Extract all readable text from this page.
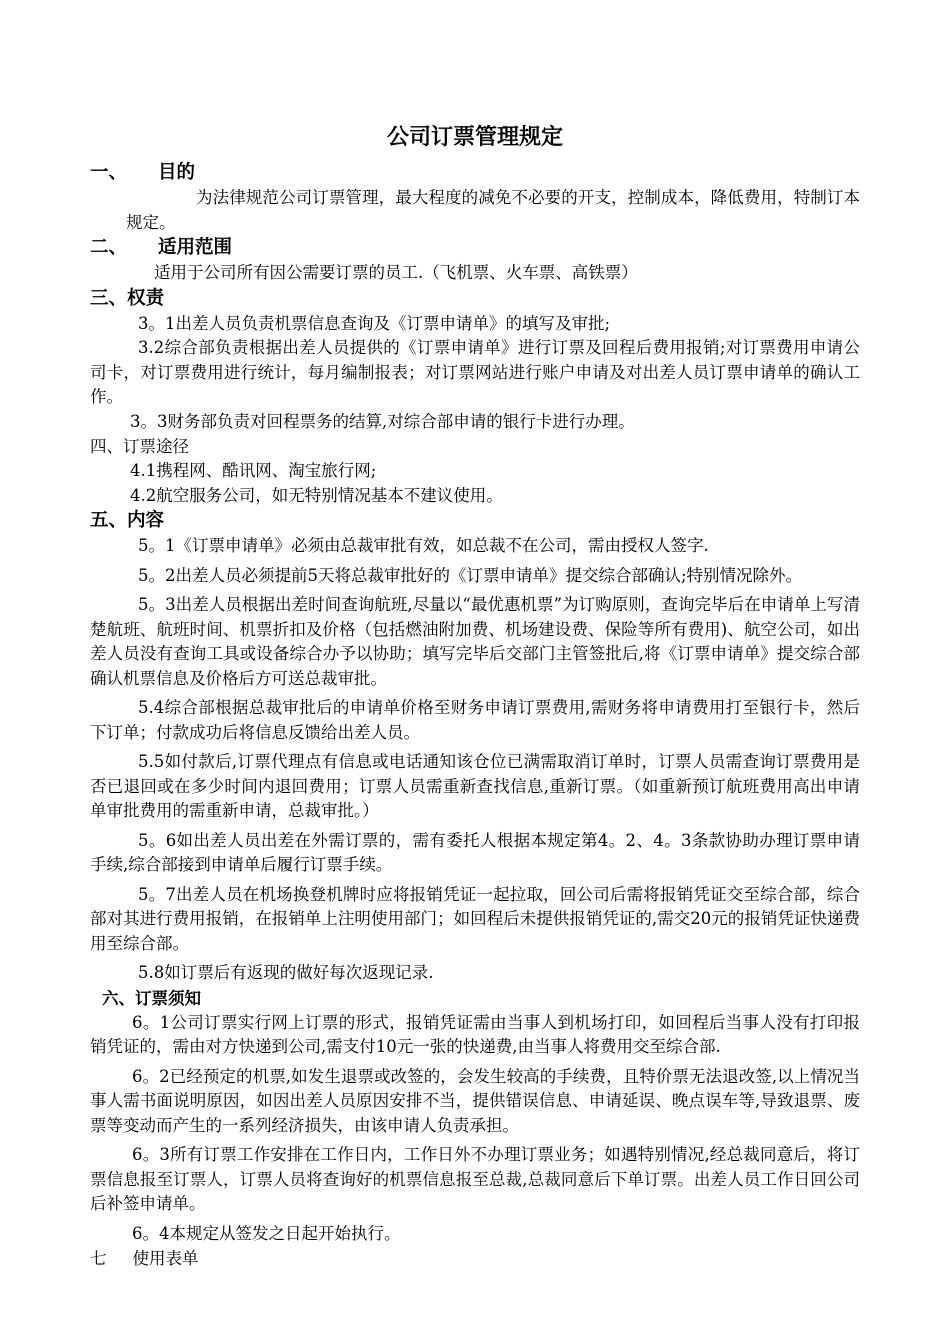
公司订票管理规定
一、 目的

为法律规范公司订票管理，最大程度的减免不必要的开支，控制成本，降低费用，特制订本规定。

二、 适用范围

适用于公司所有因公需要订票的员工.（飞机票、火车票、高铁票）

三、权责

3。1出差人员负责机票信息查询及《订票申请单》的填写及审批;

3.2综合部负责根据出差人员提供的《订票申请单》进行订票及回程后费用报销;对订票费用申请公司卡，对订票费用进行统计，每月编制报表；对订票网站进行账户申请及对出差人员订票申请单的确认工作。

3。3财务部负责对回程票务的结算,对综合部申请的银行卡进行办理。

四、订票途径

4.1携程网、酷讯网、淘宝旅行网;

4.2航空服务公司，如无特别情况基本不建议使用。

五、内容

5。1《订票申请单》必须由总裁审批有效，如总裁不在公司，需由授权人签字.

5。2出差人员必须提前5天将总裁审批好的《订票申请单》提交综合部确认;特别情况除外。

5。3出差人员根据出差时间查询航班,尽量以“最优惠机票”为订购原则，查询完毕后在申请单上写清楚航班、航班时间、机票折扣及价格（包括燃油附加费、机场建设费、保险等所有费用)、航空公司，如出差人员没有查询工具或设备综合办予以协助；填写完毕后交部门主管签批后,将《订票申请单》提交综合部确认机票信息及价格后方可送总裁审批。

5.4综合部根据总裁审批后的申请单价格至财务申请订票费用,需财务将申请费用打至银行卡，然后下订单；付款成功后将信息反馈给出差人员。

5.5如付款后,订票代理点有信息或电话通知该仓位已满需取消订单时，订票人员需查询订票费用是否已退回或在多少时间内退回费用；订票人员需重新查找信息,重新订票。（如重新预订航班费用高出申请单审批费用的需重新申请，总裁审批。）

5。6如出差人员出差在外需订票的，需有委托人根据本规定第4。2、4。3条款协助办理订票申请手续,综合部接到申请单后履行订票手续。

5。7出差人员在机场换登机牌时应将报销凭证一起拉取，回公司后需将报销凭证交至综合部，综合部对其进行费用报销，在报销单上注明使用部门；如回程后未提供报销凭证的,需交20元的报销凭证快递费用至综合部。

5.8如订票后有返现的做好每次返现记录.

六、订票须知

6。1公司订票实行网上订票的形式，报销凭证需由当事人到机场打印，如回程后当事人没有打印报销凭证的，需由对方快递到公司,需支付10元一张的快递费,由当事人将费用交至综合部.

6。2已经预定的机票,如发生退票或改签的，会发生较高的手续费，且特价票无法退改签,以上情况当事人需书面说明原因，如因出差人员原因安排不当，提供错误信息、申请延误、晚点误车等,导致退票、废票等变动而产生的一系列经济损失，由该申请人负责承担。

6。3所有订票工作安排在工作日内，工作日外不办理订票业务；如遇特别情况,经总裁同意后，将订票信息报至订票人，订票人员将查询好的机票信息报至总裁,总裁同意后下单订票。出差人员工作日回公司后补签申请单。

6。4本规定从签发之日起开始执行。

七 使用表单
